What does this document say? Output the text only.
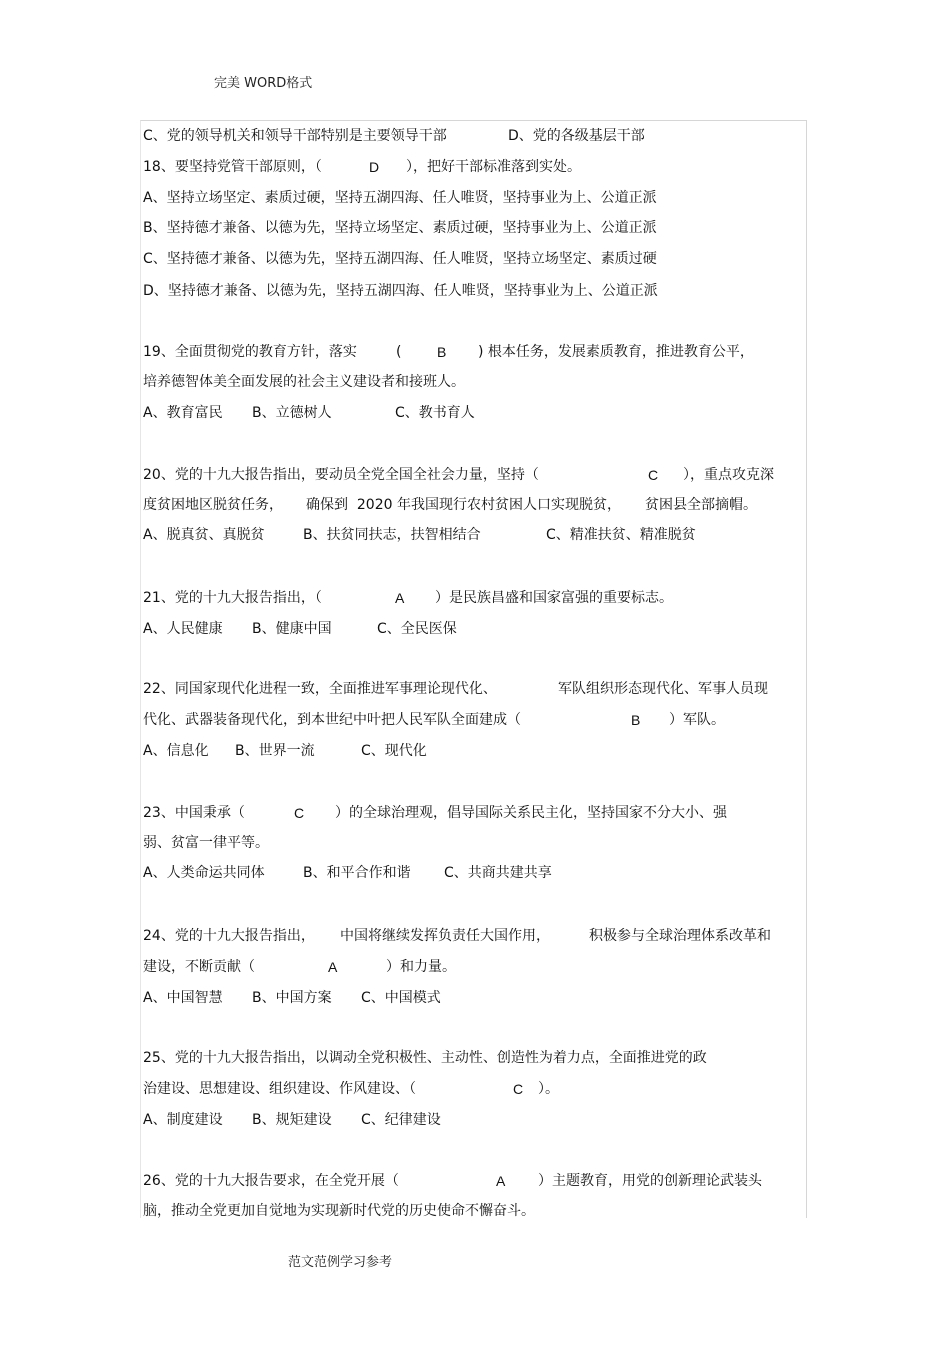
完美 WORD格式

C、党的领导机关和领导干部特别是主要领导干部

	D、党的各级基层干部

18、要坚持党管干部原则，（

	D

），把好干部标准落到实处。

A、坚持立场坚定、素质过硬，坚持五湖四海、任人唯贤，坚持事业为上、公道正派
B、坚持德才兼备、以德为先，坚持立场坚定、素质过硬，坚持事业为上、公道正派
C、坚持德才兼备、以德为先，坚持五湖四海、任人唯贤，坚持立场坚定、素质过硬
D、坚持德才兼备、以德为先，坚持五湖四海、任人唯贤，坚持事业为上、公道正派

19、全面贯彻党的教育方针，落实

	(

	B

) 根本任务，发展素质教育，推进教育公平，

培养德智体美全面发展的社会主义建设者和接班人。

A、教育富民

B、立德树人

	C、教书育人

20、党的十九大报告指出，要动员全党全国全社会力量，坚持（

	C

），重点攻克深

度贫困地区脱贫任务，

确保到  2020 年我国现行农村贫困人口实现脱贫，

贫困县全部摘帽。

A、脱真贫、真脱贫

	B、扶贫同扶志，扶智相结合

	C、精准扶贫、精准脱贫

21、党的十九大报告指出，（

	A

）是民族昌盛和国家富强的重要标志。

A、人民健康

B、健康中国

	C、全民医保

22、同国家现代化进程一致，全面推进军事理论现代化、

	军队组织形态现代化、军事人员现

代化、武器装备现代化，到本世纪中叶把人民军队全面建成（

	B

）军队。

A、信息化

B、世界一流

	C、现代化

23、中国秉承（

	C

）的全球治理观，倡导国际关系民主化，坚持国家不分大小、强

弱、贫富一律平等。

A、人类命运共同体

	B、和平合作和谐

C、共商共建共享

24、党的十九大报告指出，

中国将继续发挥负责任大国作用，

	积极参与全球治理体系改革和

建设，不断贡献（

	A

	）和力量。

A、中国智慧

B、中国方案

C、中国模式

25、党的十九大报告指出，以调动全党积极性、主动性、创造性为着力点，全面推进党的政

治建设、思想建设、组织建设、作风建设、（

	C

）。

A、制度建设

B、规矩建设

C、纪律建设

26、党的十九大报告要求，在全党开展（

	A

）主题教育，用党的创新理论武装头

脑，推动全党更加自觉地为实现新时代党的历史使命不懈奋斗。
范文范例学习参考
